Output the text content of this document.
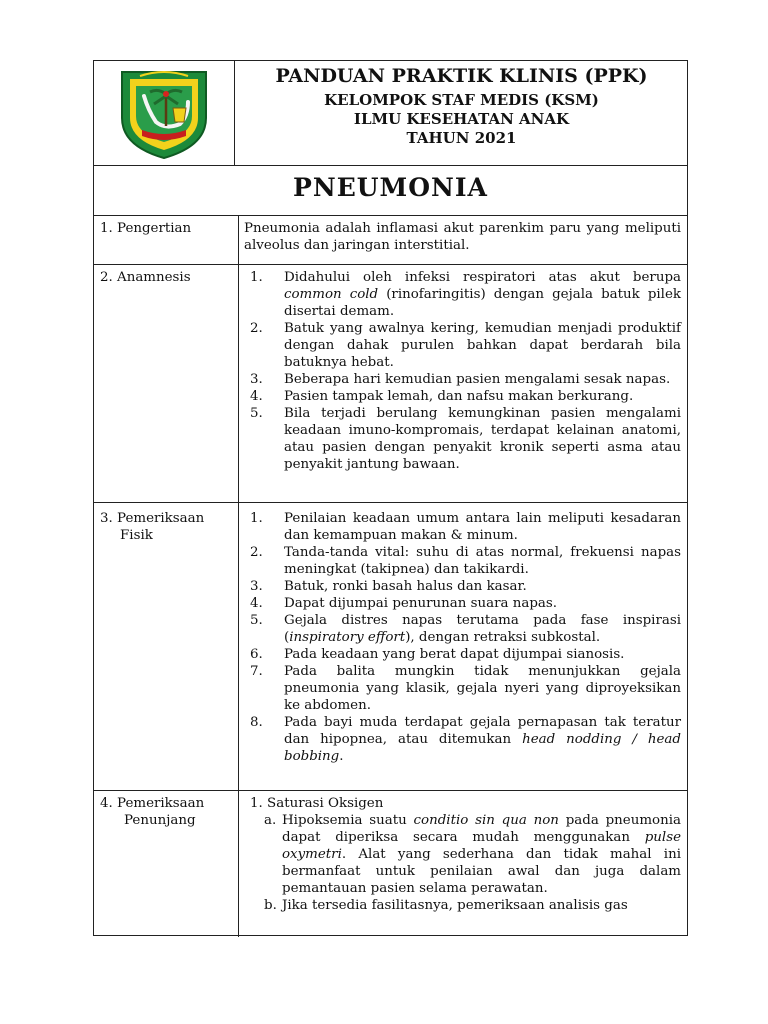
PANDUAN PRAKTIK KLINIS (PPK)
KELOMPOK STAF MEDIS (KSM)
ILMU KESEHATAN ANAK
TAHUN 2021
PNEUMONIA
1. Pengertian	Pneumonia adalah inflamasi akut parenkim paru yang meliputi alveolus dan jaringan interstitial.
2. Anamnesis	1. Didahului oleh infeksi respiratori atas akut berupa common cold (rinofaringitis) dengan gejala batuk pilek disertai demam.
2. Batuk yang awalnya kering, kemudian menjadi produktif dengan dahak purulen bahkan dapat berdarah bila batuknya hebat.
3. Beberapa hari kemudian pasien mengalami sesak napas.
4. Pasien tampak lemah, dan nafsu makan berkurang.
5. Bila terjadi berulang kemungkinan pasien mengalami keadaan imuno-kompromais, terdapat kelainan anatomi, atau pasien dengan penyakit kronik seperti asma atau penyakit jantung bawaan.
3. Pemeriksaan
Fisik
1. Penilaian keadaan umum antara lain meliputi kesadaran dan kemampuan makan & minum.
2. Tanda-tanda vital: suhu di atas normal, frekuensi napas meningkat (takipnea) dan takikardi.
3. Batuk, ronki basah halus dan kasar.
4. Dapat dijumpai penurunan suara napas.
5. Gejala distres napas terutama pada fase inspirasi (inspiratory effort), dengan retraksi subkostal.
6. Pada keadaan yang berat dapat dijumpai sianosis.
7. Pada balita mungkin tidak menunjukkan gejala pneumonia yang klasik, gejala nyeri yang diproyeksikan ke abdomen.
8. Pada bayi muda terdapat gejala pernapasan tak teratur dan hipopnea, atau ditemukan head nodding / head bobbing.
4. Pemeriksaan
Penunjang
1. Saturasi Oksigen
a. Hipoksemia suatu conditio sin qua non pada pneumonia dapat diperiksa secara mudah menggunakan pulse oxymetri. Alat yang sederhana dan tidak mahal ini bermanfaat untuk penilaian awal dan juga dalam pemantauan pasien selama perawatan.
b. Jika tersedia fasilitasnya, pemeriksaan analisis gas
